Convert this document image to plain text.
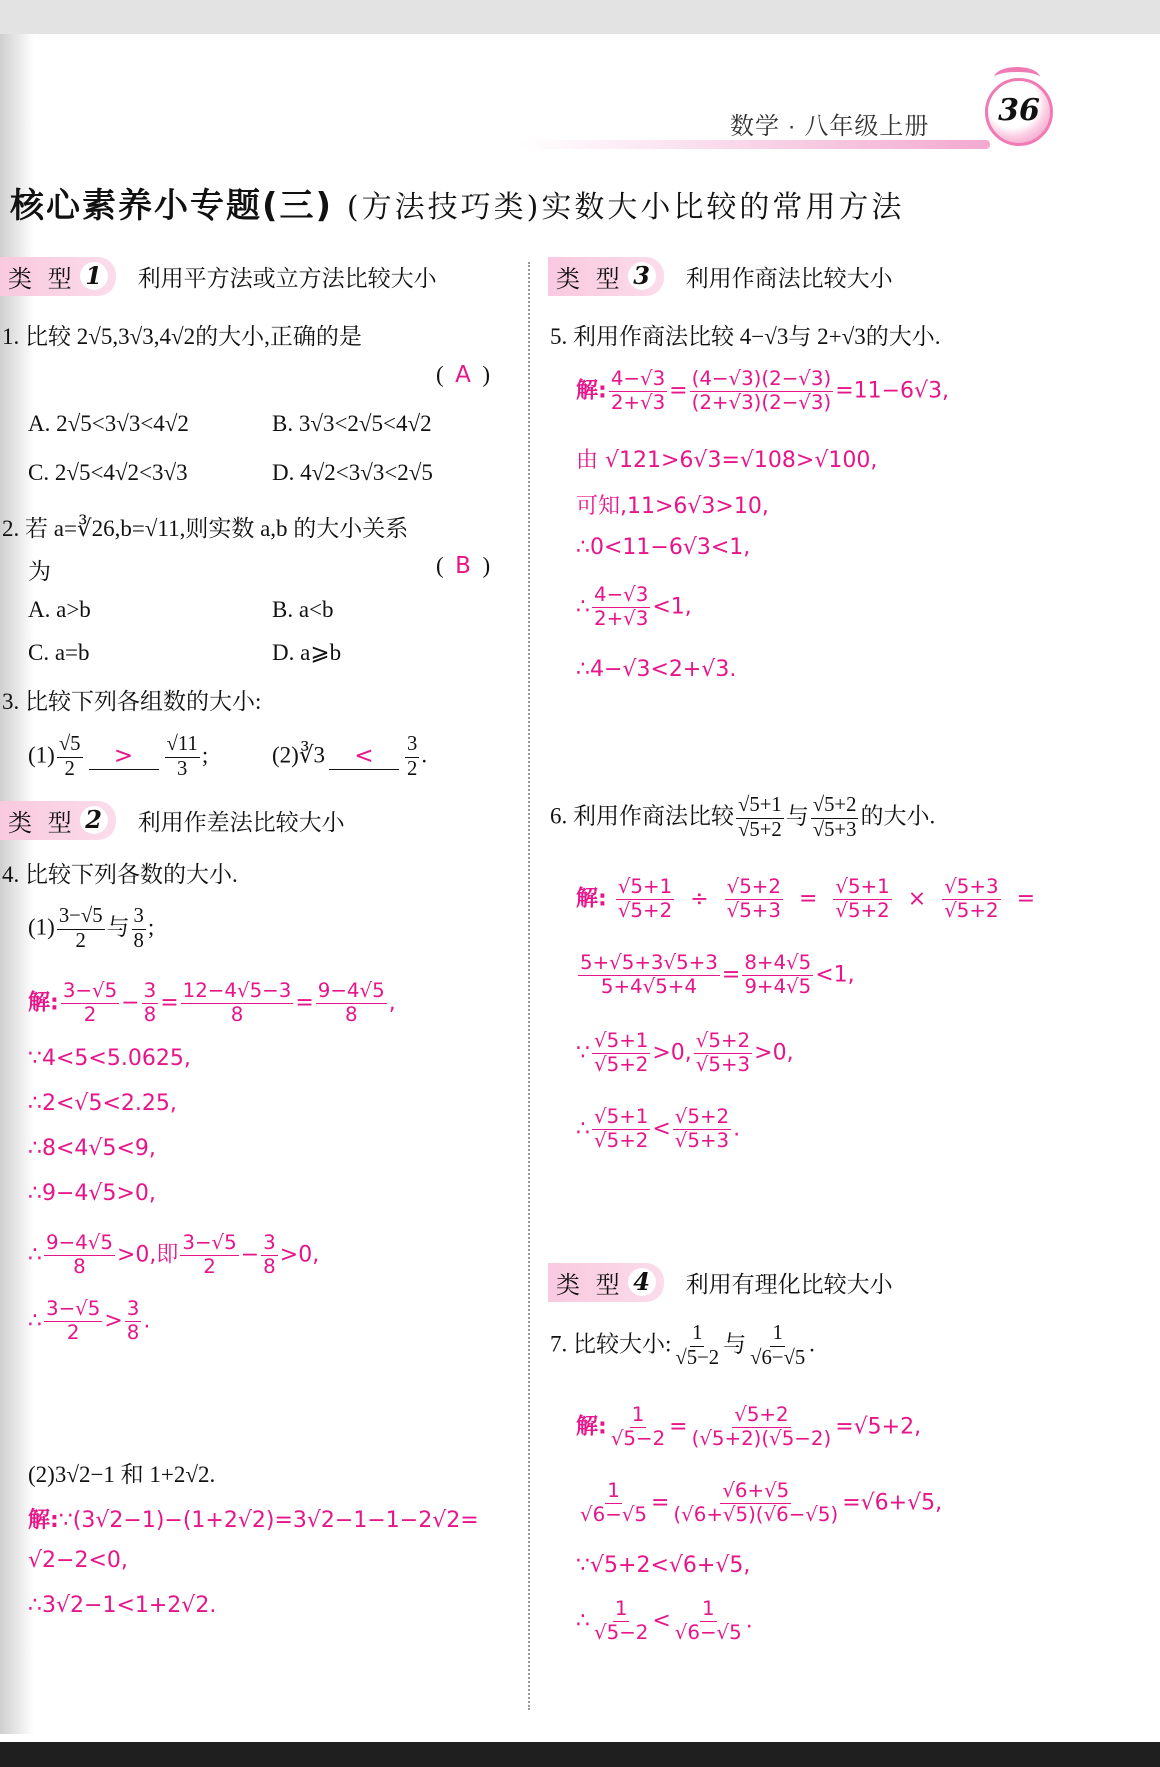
数学 · 八年级上册	36
核心素养小专题(三) (方法技巧类)实数大小比较的常用方法
类 型 1 利用平方法或立方法比较大小
1. 比较 2√5,3√3,4√2的大小,正确的是
(  A  )
A. 2√5<3√3<4√2	B. 3√3<2√5<4√2
C. 2√5<4√2<3√3	D. 4√2<3√3<2√5
2. 若 a=∛26,b=√11,则实数 a,b 的大小关系
为	(  B  )
A. a>b	B. a<b
C. a=b	D. a⩾b
3. 比较下列各组数的大小:
$(1) \frac{√5}{2} > \frac{√11}{3}$ ;	(2)∛3 < $\frac{3}{2}$ .
类 型 2 利用作差法比较大小
4. 比较下列各数的大小.
$(1) \frac{3-√5}{2}$ 与 $\frac{3}{8}$ ;
解: $\frac{3-√5}{2} - \frac{3}{8} = \frac{12-4√5-3}{8} = \frac{9-4√5}{8}$ ,
∵4<5<5.0625,
∴2<√5<2.25,
∴8<4√5<9,
∴9−4√5>0,
∴ $\frac{9-4√5}{8} >0$,即 $\frac{3-√5}{2} - \frac{3}{8} >0$,
∴ $\frac{3-√5}{2} > \frac{3}{8}$ .
(2)3√2−1 和 1+2√2.
解:∵(3√2−1)−(1+2√2)=3√2−1−1−2√2=
√2−2<0,
∴3√2−1<1+2√2.
类 型 3 利用作商法比较大小
5. 利用作商法比较 4−√3与 2+√3的大小.
解: $\frac{4-√3}{2+√3} = \frac{(4-√3)(2-√3)}{(2+√3)(2-√3)} =11-6√3$,
由 √121>6√3=√108>√100,
可知,11>6√3>10,
∴0<11−6√3<1,
∴ $\frac{4-√3}{2+√3} <1$,
∴4−√3<2+√3.
6. 利用作商法比较 $\frac{√5+1}{√5+2}$ 与 $\frac{√5+2}{√5+3}$ 的大小.
解: $\frac{√5+1}{√5+2} \div \frac{√5+2}{√5+3} = \frac{√5+1}{√5+2} \times \frac{√5+3}{√5+2}$ =
$\frac{5+√5+3√5+3}{5+4√5+4} = \frac{8+4√5}{9+4√5} <1$,
∵ $\frac{√5+1}{√5+2} >0$, $\frac{√5+2}{√5+3} >0$,
∴ $\frac{√5+1}{√5+2} < \frac{√5+2}{√5+3}$ .
类 型 4 利用有理化比较大小
7. 比较大小: $\frac{1}{√5-2}$ 与 $\frac{1}{√6-√5}$ .
解: $\frac{1}{√5-2} = \frac{√5+2}{(√5+2)(√5-2)} =√5+2$,
$\frac{1}{√6-√5} = \frac{√6+√5}{(√6+√5)(√6-√5)} =√6+√5$,
∵√5+2<√6+√5,
∴ $\frac{1}{√5-2} < \frac{1}{√6-√5}$ .
